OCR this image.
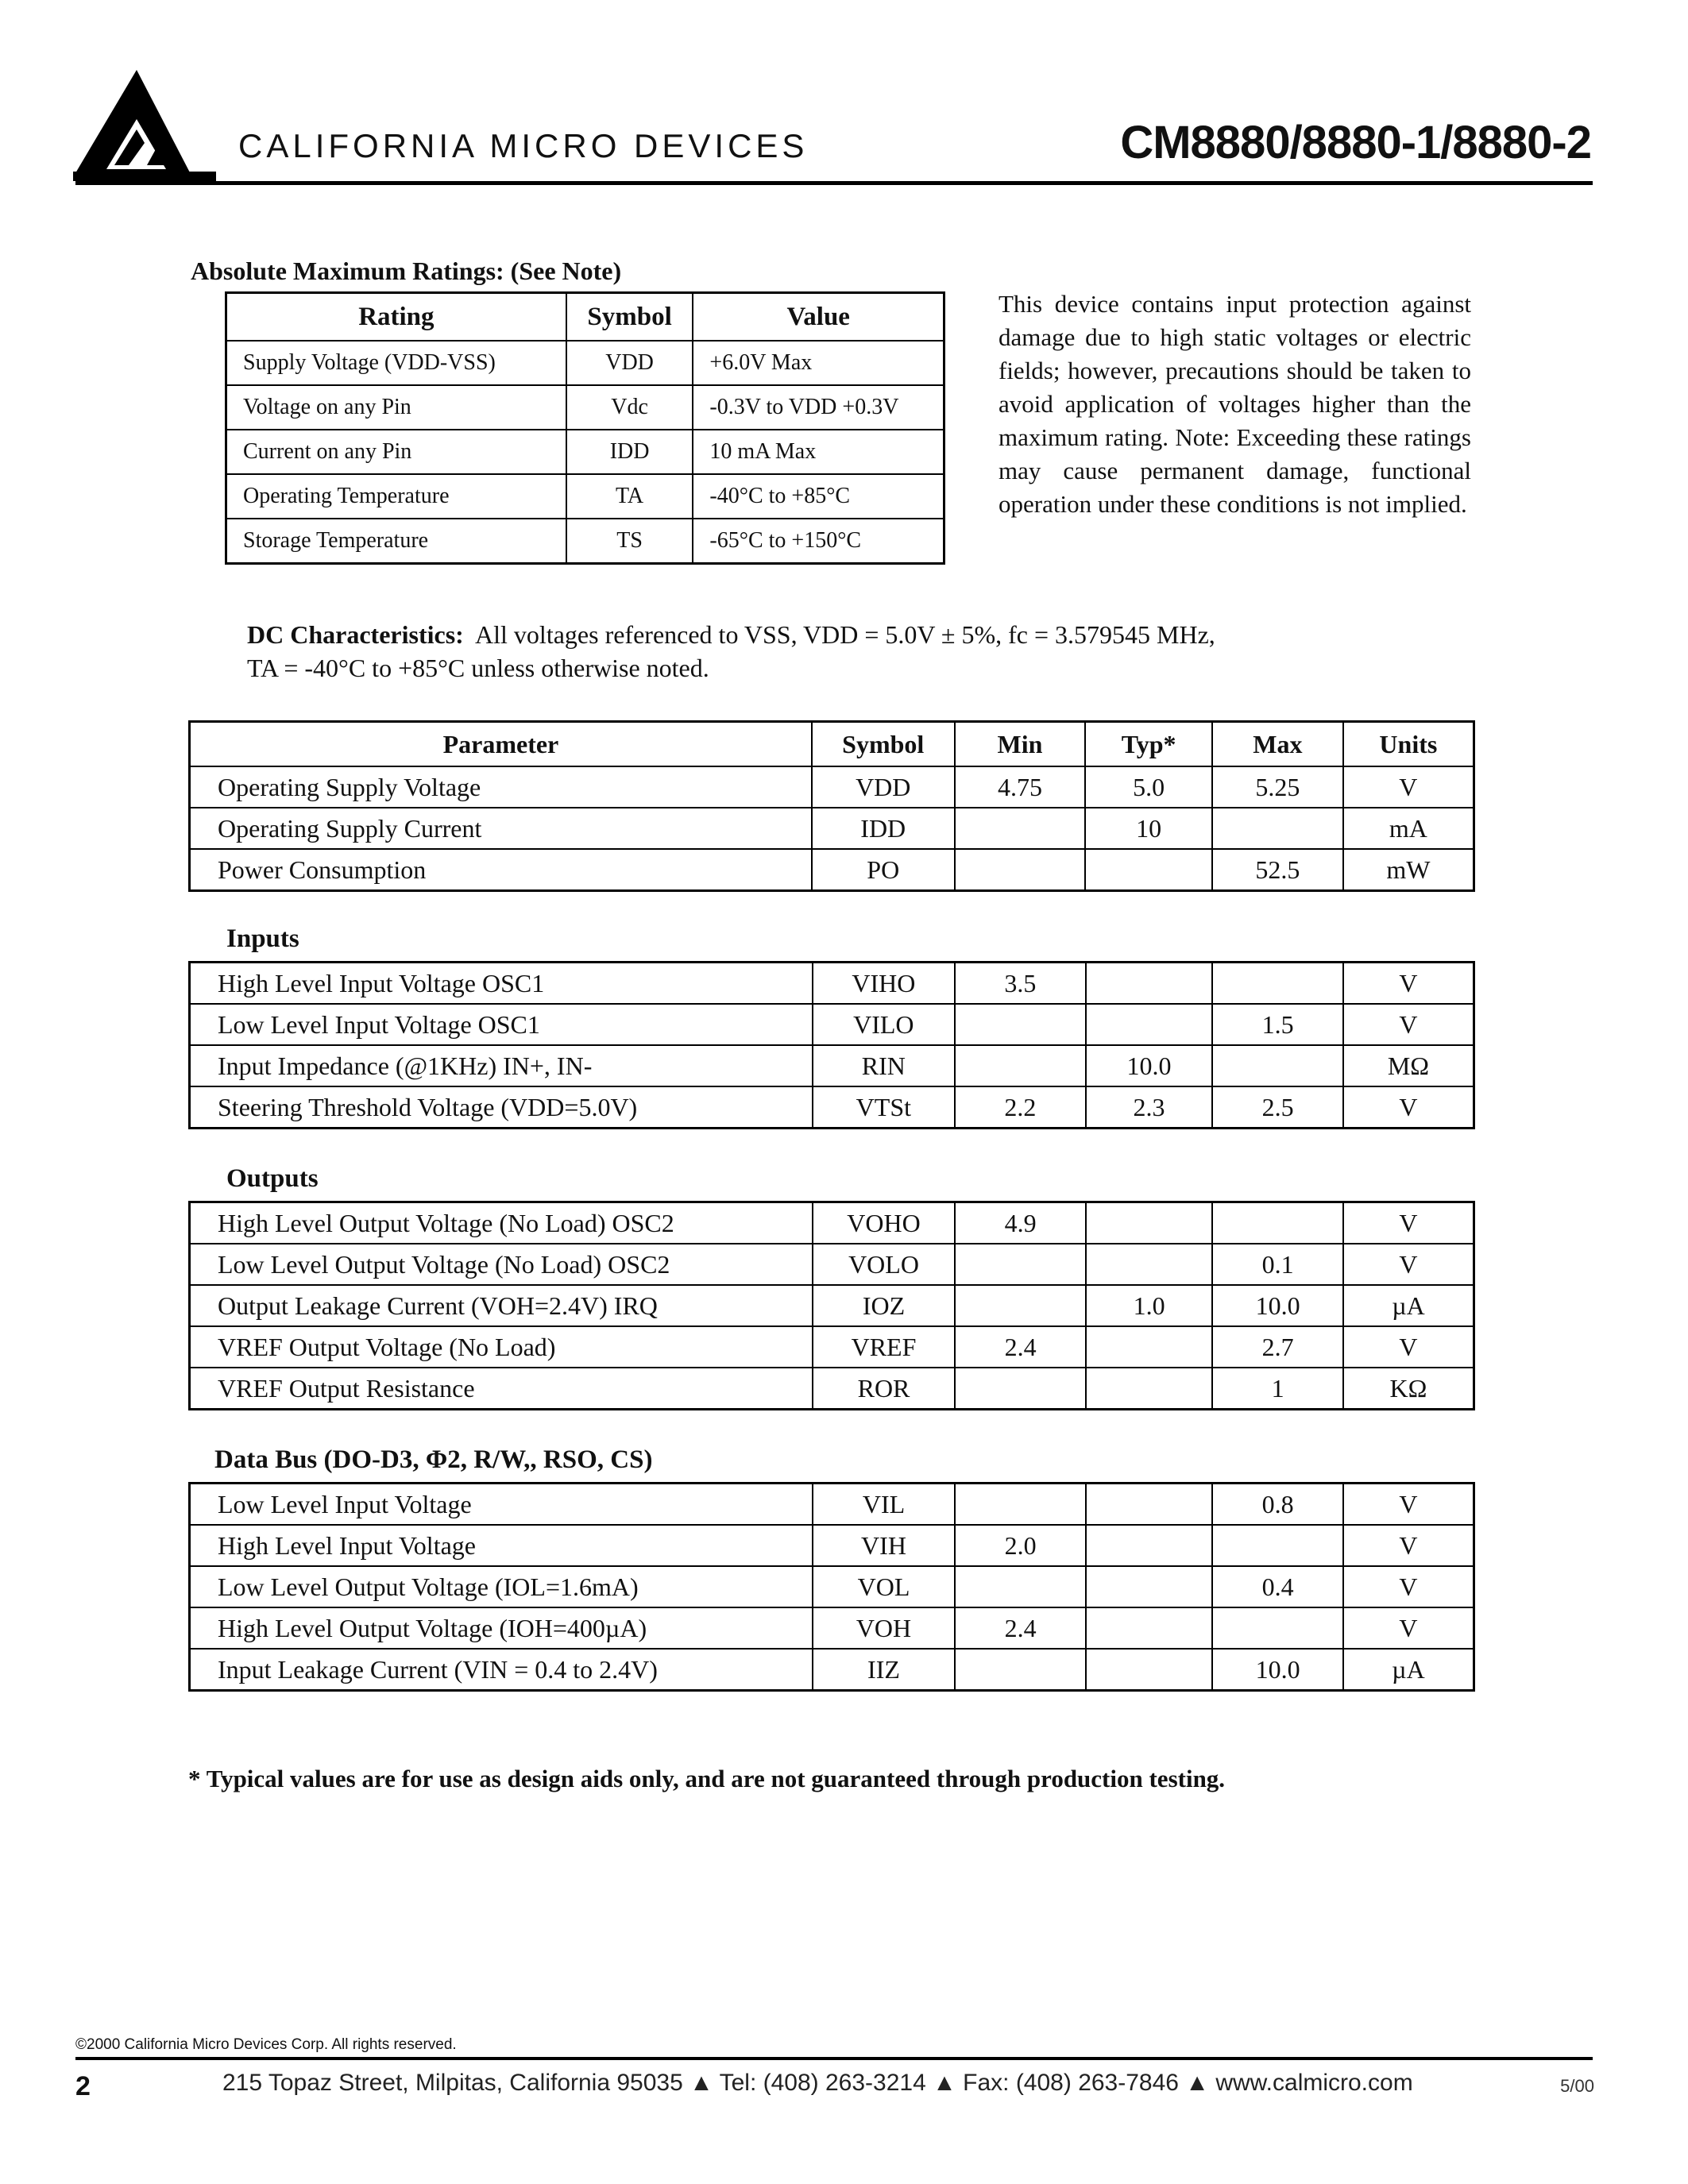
CALIFORNIA MICRO DEVICES	CM8880/8880-1/8880-2
Absolute Maximum Ratings: (See Note)
Rating	Symbol	Value
Supply Voltage (VDD-VSS)	VDD	+6.0V Max
Voltage on any Pin	Vdc	-0.3V to VDD +0.3V
Current on any Pin	IDD	10 mA Max
Operating Temperature	TA	-40°C to +85°C
Storage Temperature	TS	-65°C to +150°C
This device contains input protection against damage due to high static voltages or electric fields; however, precautions should be taken to avoid application of voltages higher than the maximum rating. Note: Exceeding these ratings may cause permanent damage, functional operation under these conditions is not implied.
DC Characteristics: All voltages referenced to VSS, VDD = 5.0V ± 5%, fc = 3.579545 MHz,
TA = -40°C to +85°C unless otherwise noted.
Parameter	Symbol	Min	Typ*	Max	Units
Operating Supply Voltage	VDD	4.75	5.0	5.25	V
Operating Supply Current	IDD		10		mA
Power Consumption	PO			52.5	mW
Inputs
High Level Input Voltage OSC1	VIHO	3.5			V
Low Level Input Voltage OSC1	VILO			1.5	V
Input Impedance (@1KHz) IN+, IN-	RIN		10.0		MΩ
Steering Threshold Voltage (VDD=5.0V)	VTSt	2.2	2.3	2.5	V
Outputs
High Level Output Voltage (No Load) OSC2	VOHO	4.9			V
Low Level Output Voltage (No Load) OSC2	VOLO			0.1	V
Output Leakage Current (VOH=2.4V) IRQ	IOZ		1.0	10.0	µA
VREF Output Voltage (No Load)	VREF	2.4		2.7	V
VREF Output Resistance	ROR			1	KΩ
Data Bus (DO-D3, Φ2, R/W,, RSO, CS)
Low Level Input Voltage	VIL			0.8	V
High Level Input Voltage	VIH	2.0			V
Low Level Output Voltage (IOL=1.6mA)	VOL			0.4	V
High Level Output Voltage (IOH=400µA)	VOH	2.4			V
Input Leakage Current (VIN = 0.4 to 2.4V)	IIZ			10.0	µA
* Typical values are for use as design aids only, and are not guaranteed through production testing.
©2000 California Micro Devices Corp. All rights reserved.
2	215 Topaz Street, Milpitas, California 95035 ▲ Tel: (408) 263-3214 ▲ Fax: (408) 263-7846 ▲ www.calmicro.com	5/00
